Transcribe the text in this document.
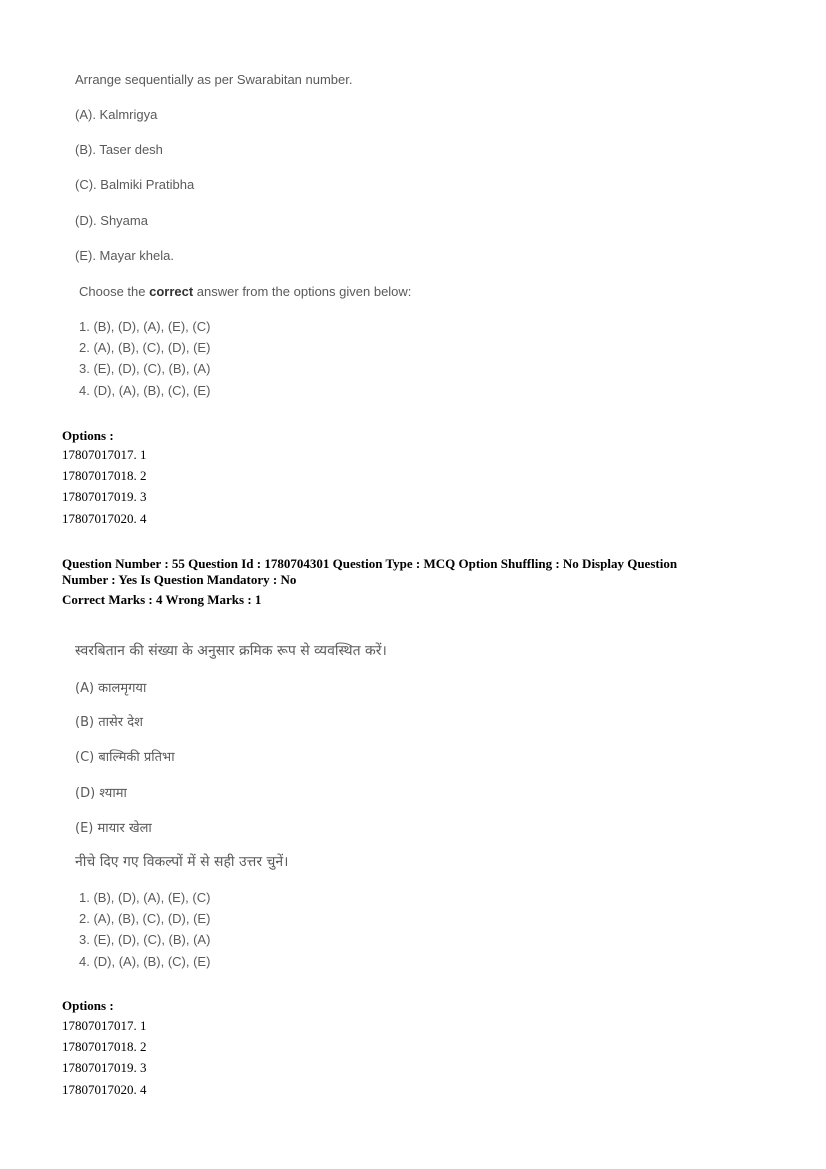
Arrange sequentially as per Swarabitan number.
(A). Kalmrigya
(B). Taser desh
(C). Balmiki Pratibha
(D). Shyama
(E). Mayar khela.
Choose the correct answer from the options given below:
1. (B), (D), (A), (E), (C)
2. (A), (B), (C), (D), (E)
3. (E), (D), (C), (B), (A)
4. (D), (A), (B), (C), (E)
Options :
17807017017. 1
17807017018. 2
17807017019. 3
17807017020. 4
Question Number : 55 Question Id : 1780704301 Question Type : MCQ Option Shuffling : No Display Question
Number : Yes Is Question Mandatory : No
Correct Marks : 4 Wrong Marks : 1
स्वरबितान की संख्या के अनुसार क्रमिक रूप से व्यवस्थित करें।
(A) कालमृगया
(B) तासेर देश
(C) बाल्मिकी प्रतिभा
(D) श्यामा
(E) मायार खेला
नीचे दिए गए विकल्पों में से सही उत्तर चुनें।
1. (B), (D), (A), (E), (C)
2. (A), (B), (C), (D), (E)
3. (E), (D), (C), (B), (A)
4. (D), (A), (B), (C), (E)
Options :
17807017017. 1
17807017018. 2
17807017019. 3
17807017020. 4
